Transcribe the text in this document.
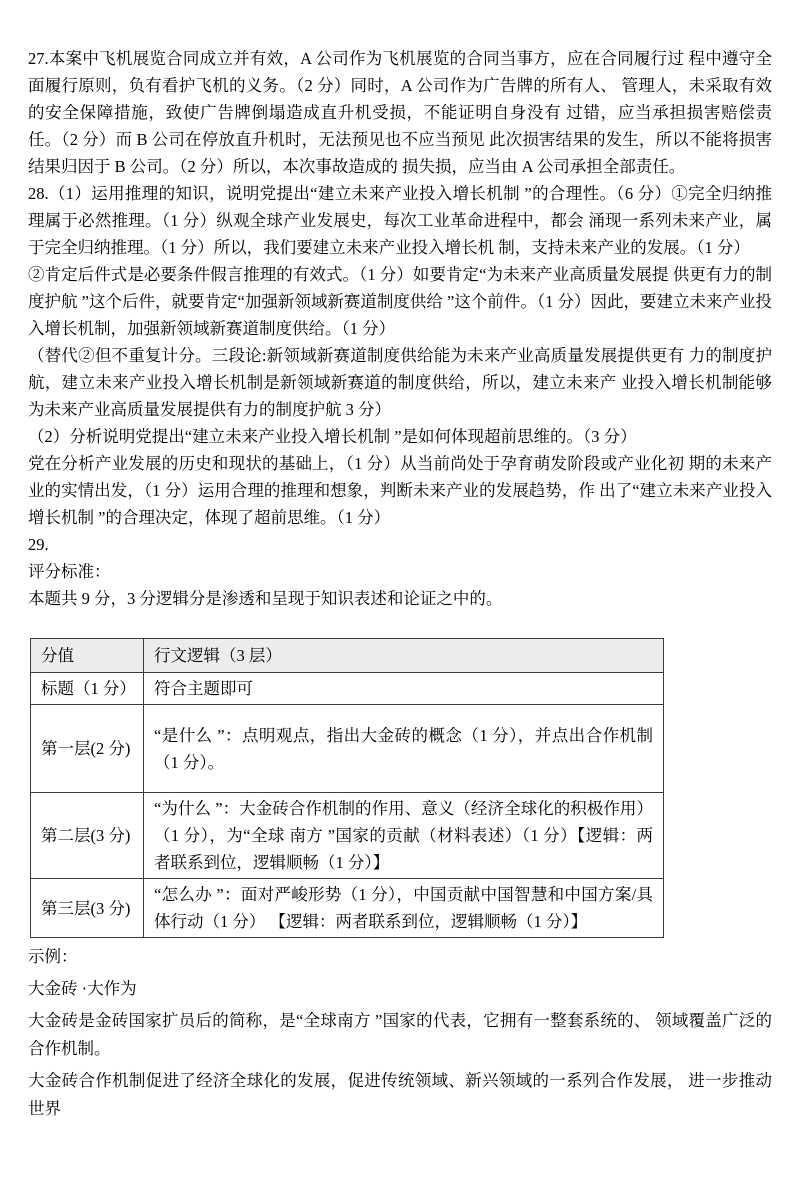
27.本案中飞机展览合同成立并有效，A 公司作为飞机展览的合同当事方，应在合同履行过 程中遵守全面履行原则，负有看护飞机的义务。（2 分）同时，A 公司作为广告牌的所有人、 管理人，未采取有效的安全保障措施，致使广告牌倒塌造成直升机受损，不能证明自身没有 过错，应当承担损害赔偿责任。（2 分）而 B 公司在停放直升机时，无法预见也不应当预见 此次损害结果的发生，所以不能将损害结果归因于 B 公司。（2 分）所以，本次事故造成的 损失损，应当由 A 公司承担全部责任。

28.（1）运用推理的知识，说明党提出“建立未来产业投入增长机制 ”的合理性。（6 分）①完全归纳推理属于必然推理。（1 分）纵观全球产业发展史，每次工业革命进程中，都会 涌现一系列未来产业，属于完全归纳推理。（1 分）所以，我们要建立未来产业投入增长机 制，支持未来产业的发展。（1 分）

②肯定后件式是必要条件假言推理的有效式。（1 分）如要肯定“为未来产业高质量发展提 供更有力的制度护航 ”这个后件，就要肯定“加强新领域新赛道制度供给 ”这个前件。（1 分）因此，要建立未来产业投入增长机制，加强新领域新赛道制度供给。（1 分）

（替代②但不重复计分。三段论:新领域新赛道制度供给能为未来产业高质量发展提供更有 力的制度护航，建立未来产业投入增长机制是新领域新赛道的制度供给，所以，建立未来产 业投入增长机制能够为未来产业高质量发展提供有力的制度护航 3 分）

（2）分析说明党提出“建立未来产业投入增长机制 ”是如何体现超前思维的。（3 分）

党在分析产业发展的历史和现状的基础上，（1 分）从当前尚处于孕育萌发阶段或产业化初 期的未来产业的实情出发，（1 分）运用合理的推理和想象，判断未来产业的发展趋势，作 出了“建立未来产业投入增长机制 ”的合理决定，体现了超前思维。（1 分）

29.

评分标准：

本题共 9 分，3 分逻辑分是渗透和呈现于知识表述和论证之中的。

分值	行文逻辑（3 层）
标题（1 分）	符合主题即可
第一层(2 分)	“是什么 ”：点明观点，指出大金砖的概念（1 分），并点出合作机制（1 分）。
第二层(3 分)	“为什么 ”：大金砖合作机制的作用、意义（经济全球化的积极作用）（1 分），为“全球 南方 ”国家的贡献（材料表述）（1 分）【逻辑：两者联系到位，逻辑顺畅（1 分）】
第三层(3 分)	“怎么办 ”：面对严峻形势（1 分），中国贡献中国智慧和中国方案/具体行动（1 分） 【逻辑：两者联系到位，逻辑顺畅（1 分）】

示例：

大金砖 ·大作为

大金砖是金砖国家扩员后的简称，是“全球南方 ”国家的代表，它拥有一整套系统的、 领域覆盖广泛的合作机制。

大金砖合作机制促进了经济全球化的发展，促进传统领域、新兴领域的一系列合作发展， 进一步推动世界
